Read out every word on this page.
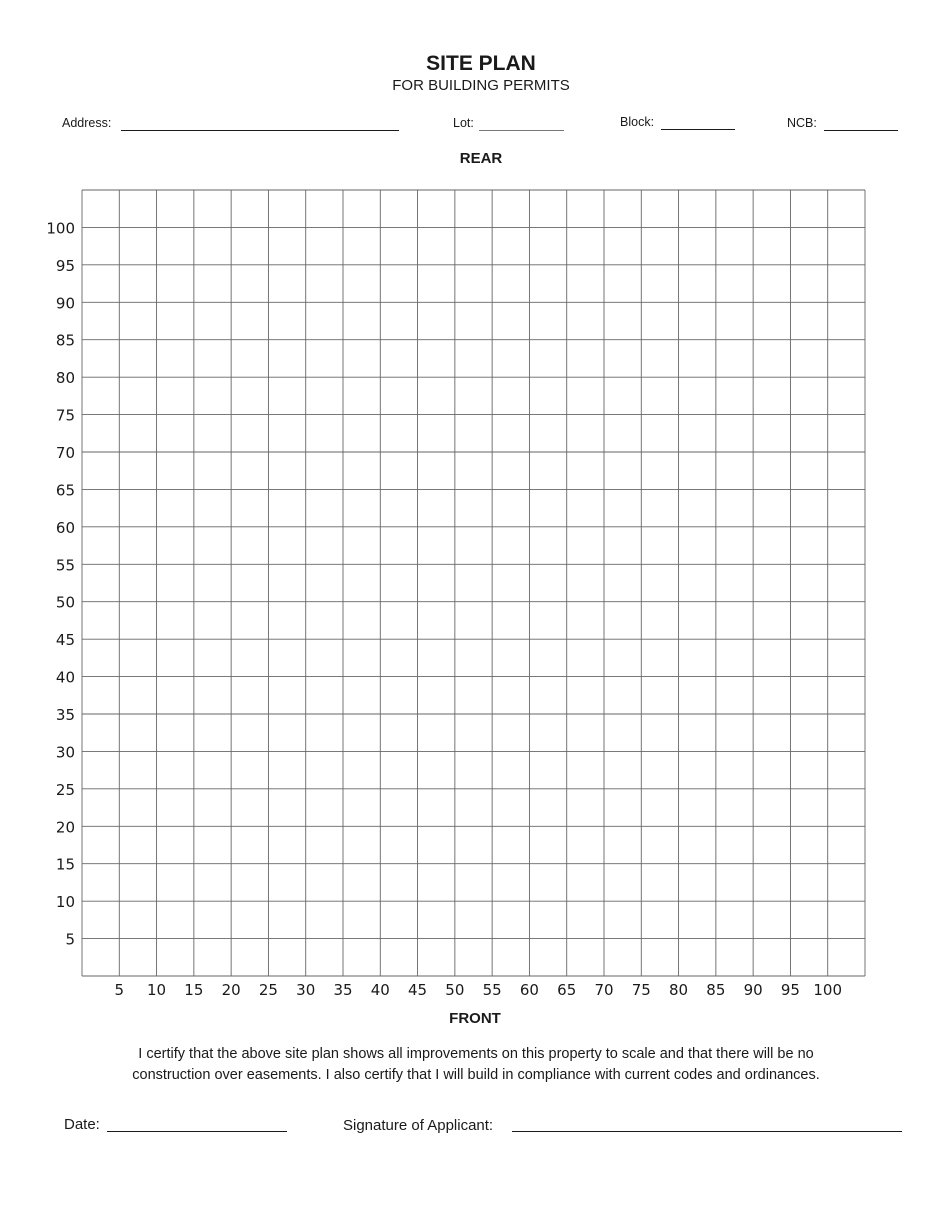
SITE PLAN
FOR BUILDING PERMITS
Address:	Lot:	Block:	NCB:
REAR
100
95
90
85
80
75
70
65
60
55
50
45
40
35
30
25
20
15
10
5
5 10 15 20 25 30 35 40 45 50 55 60 65 70 75 80 85 90 95 100
FRONT
I certify that the above site plan shows all improvements on this property to scale and that there will be no
construction over easements. I also certify that I will build in compliance with current codes and ordinances.
Date:	Signature of Applicant:
